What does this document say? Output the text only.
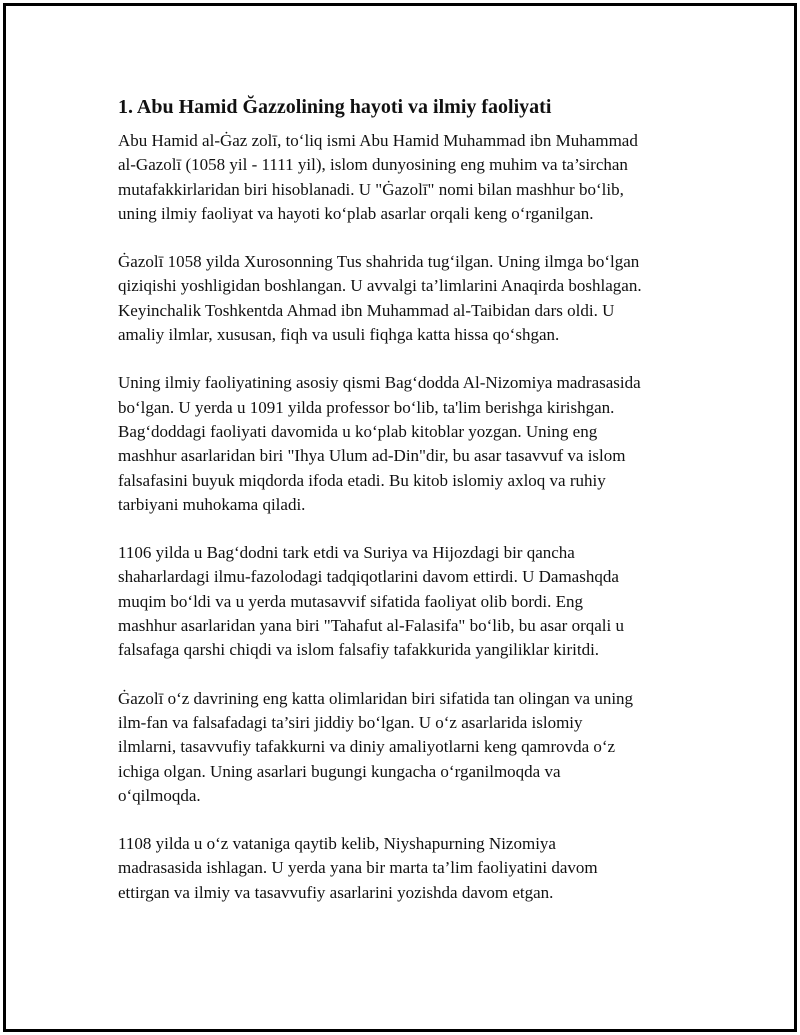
1. Abu Hamid Ğazzolining hayoti va ilmiy faoliyati

Abu Hamid al-Ġaz zolī, toʻliq ismi Abu Hamid Muhammad ibn Muhammad
al-Gazolī (1058 yil - 1111 yil), islom dunyosining eng muhim va ta’sirchan
mutafakkirlaridan biri hisoblanadi. U "Ġazolī" nomi bilan mashhur boʻlib,
uning ilmiy faoliyat va hayoti koʻplab asarlar orqali keng oʻrganilgan.

Ġazolī 1058 yilda Xurosonning Tus shahrida tugʻilgan. Uning ilmga boʻlgan
qiziqishi yoshligidan boshlangan. U avvalgi ta’limlarini Anaqirda boshlagan.
Keyinchalik Toshkentda Ahmad ibn Muhammad al-Taibidan dars oldi. U
amaliy ilmlar, xususan, fiqh va usuli fiqhga katta hissa qoʻshgan.

Uning ilmiy faoliyatining asosiy qismi Bagʻdodda Al-Nizomiya madrasasida
boʻlgan. U yerda u 1091 yilda professor boʻlib, ta'lim berishga kirishgan.
Bagʻdoddagi faoliyati davomida u koʻplab kitoblar yozgan. Uning eng
mashhur asarlaridan biri "Ihya Ulum ad-Din"dir, bu asar tasavvuf va islom
falsafasini buyuk miqdorda ifoda etadi. Bu kitob islomiy axloq va ruhiy
tarbiyani muhokama qiladi.

1106 yilda u Bagʻdodni tark etdi va Suriya va Hijozdagi bir qancha
shaharlardagi ilmu-fazolodagi tadqiqotlarini davom ettirdi. U Damashqda
muqim boʻldi va u yerda mutasavvif sifatida faoliyat olib bordi. Eng
mashhur asarlaridan yana biri "Tahafut al-Falasifa" boʻlib, bu asar orqali u
falsafaga qarshi chiqdi va islom falsafiy tafakkurida yangiliklar kiritdi.

Ġazolī oʻz davrining eng katta olimlaridan biri sifatida tan olingan va uning
ilm-fan va falsafadagi ta’siri jiddiy boʻlgan. U oʻz asarlarida islomiy
ilmlarni, tasavvufiy tafakkurni va diniy amaliyotlarni keng qamrovda oʻz
ichiga olgan. Uning asarlari bugungi kungacha oʻrganilmoqda va
oʻqilmoqda.

1108 yilda u oʻz vataniga qaytib kelib, Niyshapurning Nizomiya
madrasasida ishlagan. U yerda yana bir marta ta’lim faoliyatini davom
ettirgan va ilmiy va tasavvufiy asarlarini yozishda davom etgan.
